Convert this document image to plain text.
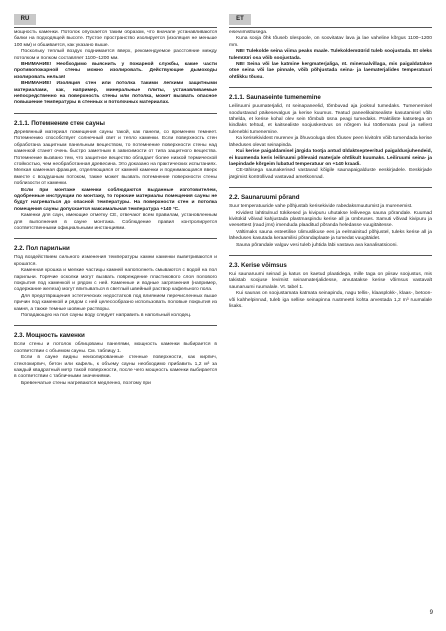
RU	ET

мощность каменки. Потолок опускается таким образом, что вначале устанавливаются балки на подходящей высоте. Пустое пространство изолируется (изоляция не меньше 100 мм) и обшивается, как указано выше.

Поскольку теплый воздух поднимается вверх, рекомендуемое расстояние между потолком и полком составляет 1100–1200 мм.

ВНИМАНИЕ! Необходимо выяснить у пожарной службы, какие части противопожарной стены можно изолировать. Действующие дымоходы изолировать нельзя!

ВНИМАНИЕ! Изоляция стен или потолка такими легкими защитными материалами, как, например, минеральные плиты, устанавливаемые непосредственно на поверхность стены или потолка, может вызвать опасное повышение температуры в стенных и потолочных материалах.

2.1.1. Потемнение стен сауны

Деревянный материал помещения сауны такой, как панели, со временем темнеет. Потемнению способствует солнечный свет и тепло каменки. Если поверхность стен обработана защитным панельным веществом, то потемнение поверхности стены над каменкой станет очень быстро заметным в зависимости от типа защитного вещества. Потемнение вызвано тем, что защитное вещество обладает более низкой термической стойкостью, чем необработанная древесина. Это доказано на практических испытаниях. Мелкая каменная фракция, отделяющаяся от камней каменки и поднимающаяся вверх вместе с воздушным потоком, также может вызвать потемнение поверхности стены поблизости от каменки.

Если при монтаже каменки соблюдаются выданные изготовителем, одобренные инструкции по монтажу, то горючие материалы помещения сауны не будут нагреваться до опасной температуры. На поверхности стен и потолка помещения сауны допускается максимальная температура +140 °C.

Каменки для саун, имеющие отметку CE, отвечают всем правилам, установленным для выполнения в сауне монтажа. Соблюдение правил контролируется соответственными официальными инстанциями.

2.2. Пол парильни

Под воздействием сильного изменения температуры камни каменки выветриваются и крошатся.

Каменная крошка и мелкие частицы камней напополнеть смываются с водой на пол парильни. Горячие осколки могут вызвать повреждение пластикового слоя полового покрытия под каменкой и рядом с ней. Каменные и водные загрязнения (например, содержание железа) могут впитываться в светлый швейный раствор кафельного пола.

Для предотвращения эстетических недостатков под влиянием перечисленных выше причин под каменкой и рядом с ней целесообразно использовать половые покрытия из камня, а также темные шовные растворы.

Попадающую на пол сауны воду следует направить в напольный колодец.

2.3. Мощность каменки

Если стены и потолок облицованы панелями, мощность каменки выбирается в соответствии с объемом сауны. См. таблицу 1.

Если в сауне видны неизолированные стенные поверхности, как кирпич, стеклокирпич, бетон или кафель, к объему сауны необходимо прибавить 1,2 м³ за каждый квадратный метр такой поверхности, после чего мощность каменки выбирается в соответствии с табличными значениями.

Бревенчатые стены нагреваются медленно, поэтому при

eiseviimistlusega.

Kuna sooja õhk tõuseb ülespoole, on soovitatav lava ja lae vaheline kõrgus 1100–1200 mm.

NB! Tulekolde seina viima peaks maale. Tulekoldemüürid tuleb soojustada. Et oleks tulemüüri osa võib soojustada.

NB! Seina või lae katmine kergmaterjaliga, nt. mineraalvillaga, mis paigaldatakse otse seina või lae pinnale, võib põhjustada seina- ja laematerjalides temperatuuri ohtlikku tõusu.

2.1.1. Saunaseinte tumenemine

Leiliruumi puumaterjalid, nt seinapaneelid, tõmbuvad aja jooksul tumedaks. Tumenemisel soodustavad päikesevalgus ja kerise kuumus. Teatud paneelikaitsealiste kasutamisel võib tähelda, et kerise kohal olev sein tõmbub üsna peagi tumedaks. Praktiliste katsetega on kindlaks tehtud, et kaitsealiste soojuskestvus on nõrgem kui töötlemata puul ja sellest tulenebki tumenemine.

Ka kerisekividest murenev ja õhuvooluga üles tõusev peen kivitolm võib tumendada kerise läheduses olevat seinapinda.

Kui kerise paigaldamisel järgida tootja antud üldaktsepteeritud paigaldusjuhendeid, ei kuumenda keris leiliruumi põlevaid materjale ohtlikult kuumaks. Leiliruumi seina- ja laepindade kõrgeim lubatud temperatuur on +140 kraadi.

CE-tähisega saunakerised vastavad kõigile saunapaigalduste eeskirjadele. Eeskirjade järgimist kontrollivad vastavad ametkonnad.

2.2. Saunaruumi põrand

Suur temperatuuride vahe põhjustab kerisekivide rabedaksmuutumist ja murenemist.

Kividest lahtitulnud tükikesed ja kivipuru uhutakse leiliveega sauna põrandale. Kuumad kivitükid võivad kahjustada plastmaspindu kerise all ja ümbruses. Samuti võivad kivipuru ja veesettest (raud jms) imenduda plaaditud põranda heledasse vuugitäitesse.

Vältimaks sauna esteetilise ülimuslikuse ees ja eelmainitud põhjustel, tuleks kerise all ja läheduses kasutada keraamilisi põrandaplaate ja tumedat vuugitäidet.

Sauna põrandale valguv vesi tuleb juhtida läbi vastava ava kanalisatsiooni.

2.3. Kerise võimsus

Kui saunaruumi seinad ja katus on kaetud plaatidega, mille taga on piisav soojustus, mis takistab soojuse levimist seinamaterjalidesse, arvutatakse kerise võimsus vastavalt saunaruumi ruumalale. Vt. tabel 1.

Kui saunas on soojustamata katmata seinapindu, nagu tellis-, klaasplokk-, klaas-, betoon- või kahhelpinnad, tuleb iga sellise seinapinna ruutmeetri kohta arvestada 1,2 m³ ruumalale lisaks.

9
